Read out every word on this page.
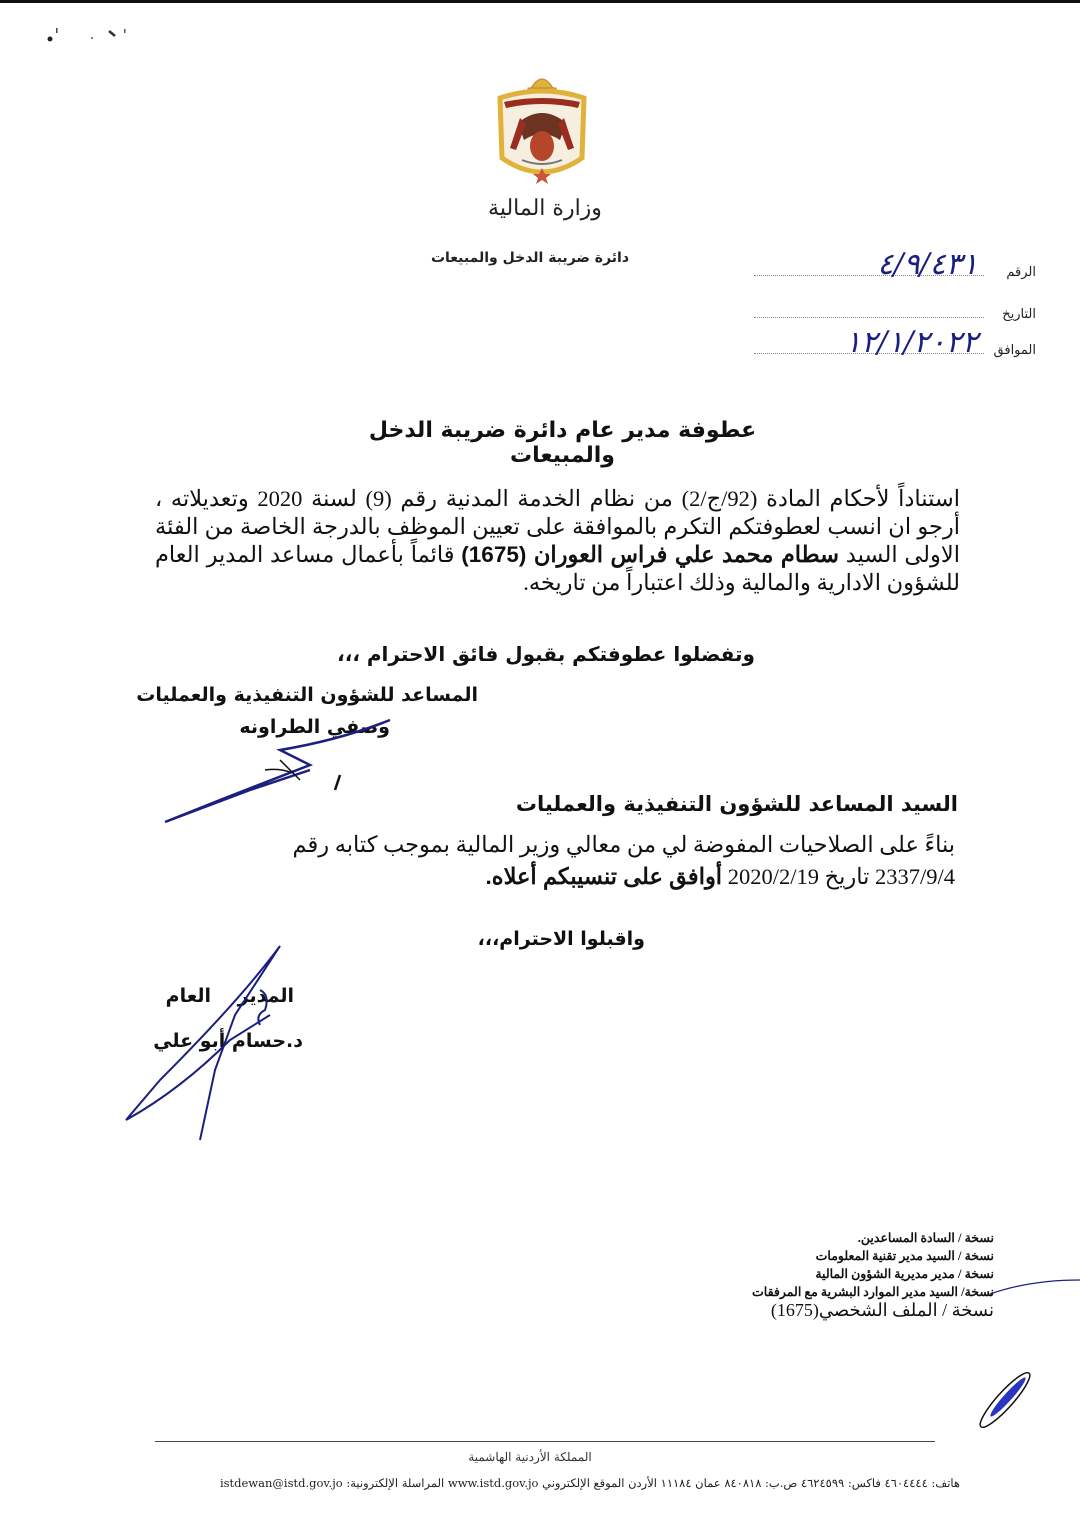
وزارة المالية
دائرة ضريبة الدخل والمبيعات
الرقم
٤/٩/٤٣١
التاريخ
الموافق
١٢/١/٢٠٢٢
عطوفة مدير عام دائرة ضريبة الدخل والمبيعات
استناداً لأحكام المادة (92/ج/2) من نظام الخدمة المدنية رقم (9) لسنة 2020 وتعديلاته ، أرجو ان انسب لعطوفتكم التكرم بالموافقة على تعيين الموظف بالدرجة الخاصة من الفئة الاولى السيد سطام محمد علي فراس العوران (1675) قائماً بأعمال مساعد المدير العام للشؤون الادارية والمالية وذلك اعتباراً من تاريخه.
وتفضلوا عطوفتكم بقبول فائق الاحترام ،،،
المساعد للشؤون التنفيذية والعمليات
وصفي الطراونه
السيد المساعد للشؤون التنفيذية والعمليات
بناءً على الصلاحيات المفوضة لي من معالي وزير المالية بموجب كتابه رقم 2337/9/4 تاريخ 2020/2/19 أوافق على تنسيبكم أعلاه.
واقبلوا الاحترام،،،
المدير العام
د.حسام أبو علي
نسخة / السادة المساعدين.
نسخة / السيد مدير تقنية المعلومات
نسخة / مدير مديرية الشؤون المالية
نسخة/ السيد مدير الموارد البشرية مع المرفقات
نسخة / الملف الشخصي(1675)
المملكة الأردنية الهاشمية
هاتف: ٤٦٠٤٤٤٤ فاكس: ٤٦٢٤٥٩٩ ص.ب: ٨٤٠٨١٨ عمان ١١١٨٤ الأردن الموقع الإلكتروني www.istd.gov.jo المراسلة الإلكترونية: istdewan@istd.gov.jo
